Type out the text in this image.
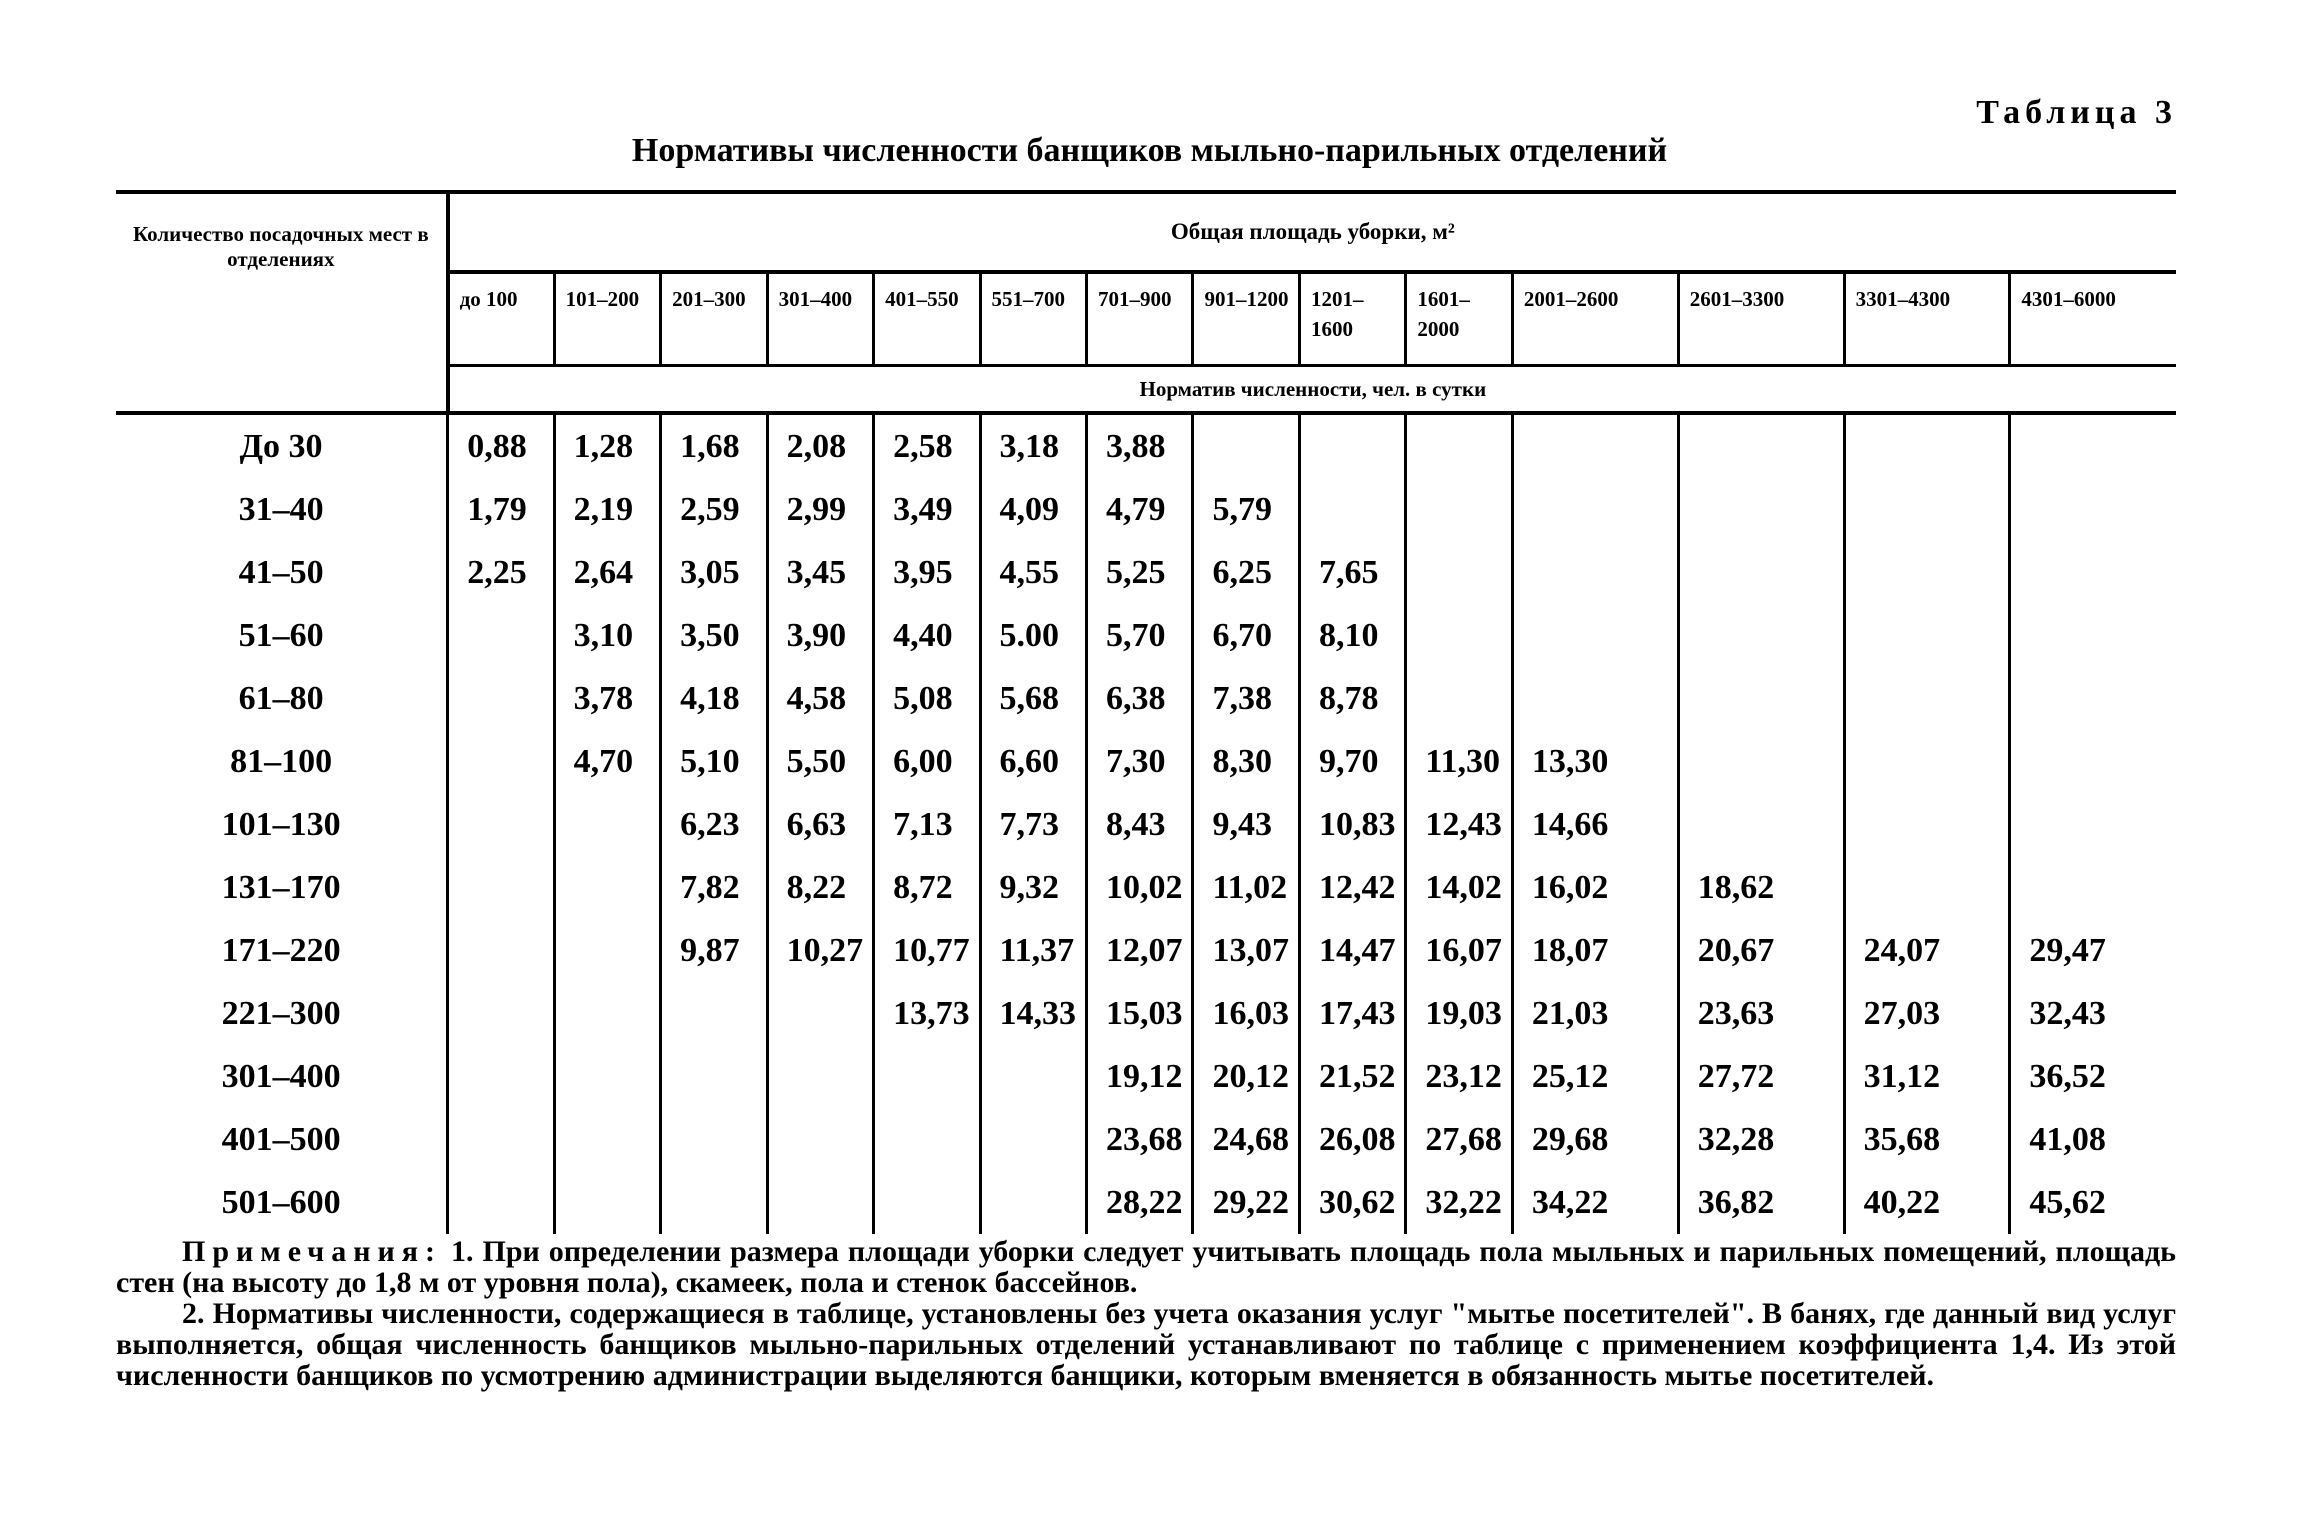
Таблица 3
Нормативы численности банщиков мыльно-парильных отделений
Количество посадочных мест в отделениях	Общая площадь уборки, м²													
	до 100	101–200	201–300	301–400	401–550	551–700	701–900	901–1200	1201–1600	1601–2000	2001–2600	2601–3300	3301–4300	4301–6000
	Норматив численности, чел. в сутки													
До 30	0,88	1,28	1,68	2,08	2,58	3,18	3,88							
31–40	1,79	2,19	2,59	2,99	3,49	4,09	4,79	5,79						
41–50	2,25	2,64	3,05	3,45	3,95	4,55	5,25	6,25	7,65					
51–60		3,10	3,50	3,90	4,40	5.00	5,70	6,70	8,10					
61–80		3,78	4,18	4,58	5,08	5,68	6,38	7,38	8,78					
81–100		4,70	5,10	5,50	6,00	6,60	7,30	8,30	9,70	11,30	13,30			
101–130			6,23	6,63	7,13	7,73	8,43	9,43	10,83	12,43	14,66			
131–170			7,82	8,22	8,72	9,32	10,02	11,02	12,42	14,02	16,02	18,62		
171–220			9,87	10,27	10,77	11,37	12,07	13,07	14,47	16,07	18,07	20,67	24,07	29,47
221–300					13,73	14,33	15,03	16,03	17,43	19,03	21,03	23,63	27,03	32,43
301–400							19,12	20,12	21,52	23,12	25,12	27,72	31,12	36,52
401–500							23,68	24,68	26,08	27,68	29,68	32,28	35,68	41,08
501–600							28,22	29,22	30,62	32,22	34,22	36,82	40,22	45,62

Примечания: 1. При определении размера площади уборки следует учитывать площадь пола мыльных и парильных помещений, площадь стен (на высоту до 1,8 м от уровня пола), скамеек, пола и стенок бассейнов.

2. Нормативы численности, содержащиеся в таблице, установлены без учета оказания услуг "мытье посетителей". В банях, где данный вид услуг выполняется, общая численность банщиков мыльно-парильных отделений устанавливают по таблице с применением коэффициента 1,4. Из этой численности банщиков по усмотрению администрации выделяются банщики, которым вменяется в обязанность мытье посетителей.
